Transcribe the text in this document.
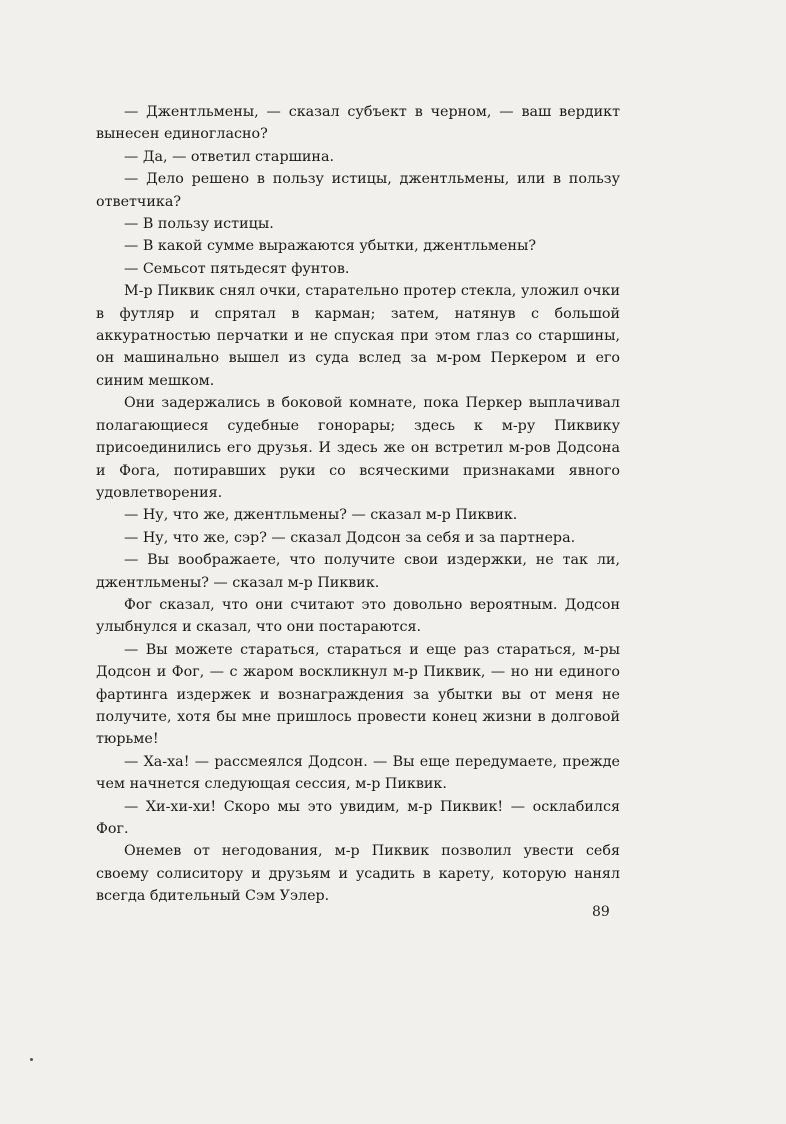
— Джентльмены, — сказал субъект в черном, — ваш вердикт вынесен единогласно?

— Да, — ответил старшина.

— Дело решено в пользу истицы, джентльмены, или в пользу ответчика?

— В пользу истицы.

— В какой сумме выражаются убытки, джентльмены?

— Семьсот пятьдесят фунтов.

М-р Пиквик снял очки, старательно протер стекла, уложил очки в футляр и спрятал в карман; затем, натянув с большой аккуратностью перчатки и не спуская при этом глаз со старшины, он машинально вышел из суда вслед за м-ром Перкером и его синим мешком.

Они задержались в боковой комнате, пока Перкер выплачивал полагающиеся судебные гонорары; здесь к м-ру Пиквику присоединились его друзья. И здесь же он встретил м-ров Додсона и Фога, потиравших руки со всяческими признаками явного удовлетворения.

— Ну, что же, джентльмены? — сказал м-р Пиквик.

— Ну, что же, сэр? — сказал Додсон за себя и за партнера.

— Вы воображаете, что получите свои издержки, не так ли, джентльмены? — сказал м-р Пиквик.

Фог сказал, что они считают это довольно вероятным. Додсон улыбнулся и сказал, что они постараются.

— Вы можете стараться, стараться и еще раз стараться, м-ры Додсон и Фог, — с жаром воскликнул м-р Пиквик, — но ни единого фартинга издержек и вознаграждения за убытки вы от меня не получите, хотя бы мне пришлось провести конец жизни в долговой тюрьме!

— Ха-ха! — рассмеялся Додсон. — Вы еще передумаете, прежде чем начнется следующая сессия, м-р Пиквик.

— Хи-хи-хи! Скоро мы это увидим, м-р Пиквик! — осклабился Фог.

Онемев от негодования, м-р Пиквик позволил увести себя своему солиситору и друзьям и усадить в карету, которую нанял всегда бдительный Сэм Уэлер.

89
